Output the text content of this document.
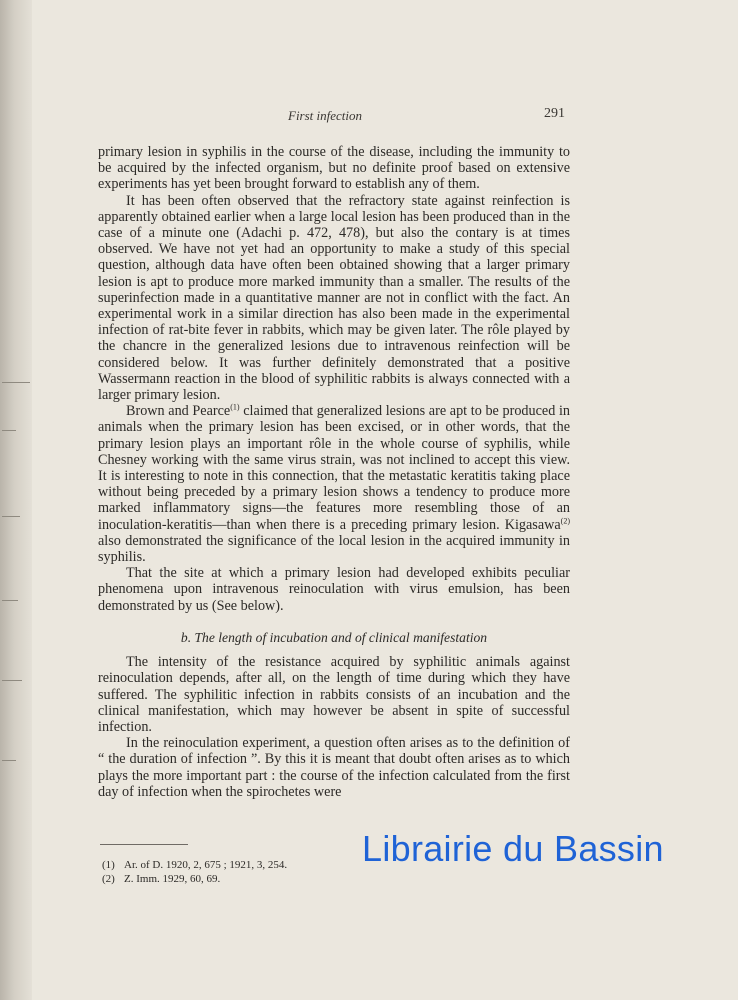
First infection	291

primary lesion in syphilis in the course of the disease, including the immunity to be acquired by the infected organism, but no definite proof based on extensive experiments has yet been brought forward to establish any of them.

It has been often observed that the refractory state against reinfection is apparently obtained earlier when a large local lesion has been produced than in the case of a minute one (Adachi p. 472, 478), but also the contary is at times observed. We have not yet had an opportunity to make a study of this special question, although data have often been obtained showing that a larger primary lesion is apt to produce more marked immunity than a smaller. The results of the superinfection made in a quantitative manner are not in conflict with the fact. An experimental work in a similar direction has also been made in the experimental infection of rat-bite fever in rabbits, which may be given later. The rôle played by the chancre in the generalized lesions due to intravenous reinfection will be considered below. It was further definitely demonstrated that a positive Wassermann reaction in the blood of syphilitic rabbits is always connected with a larger primary lesion.

Brown and Pearce$^{(1)}$ claimed that generalized lesions are apt to be produced in animals when the primary lesion has been excised, or in other words, that the primary lesion plays an important rôle in the whole course of syphilis, while Chesney working with the same virus strain, was not inclined to accept this view. It is interesting to note in this connection, that the metastatic keratitis taking place without being preceded by a primary lesion shows a tendency to produce more marked inflammatory signs—the features more resembling those of an inoculation-keratitis—than when there is a preceding primary lesion. Kigasawa$^{(2)}$ also demonstrated the significance of the local lesion in the acquired immunity in syphilis.

That the site at which a primary lesion had developed exhibits peculiar phenomena upon intravenous reinoculation with virus emulsion, has been demonstrated by us (See below).

b. The length of incubation and of clinical manifestation

The intensity of the resistance acquired by syphilitic animals against reinoculation depends, after all, on the length of time during which they have suffered. The syphilitic infection in rabbits consists of an incubation and the clinical manifestation, which may however be absent in spite of successful infection.

In the reinoculation experiment, a question often arises as to the definition of “ the duration of infection ”. By this it is meant that doubt often arises as to which plays the more important part : the course of the infection calculated from the first day of infection when the spirochetes were

(1) Ar. of D. 1920, 2, 675 ; 1921, 3, 254.
(2) Z. Imm. 1929, 60, 69.
Librairie du Bassin
